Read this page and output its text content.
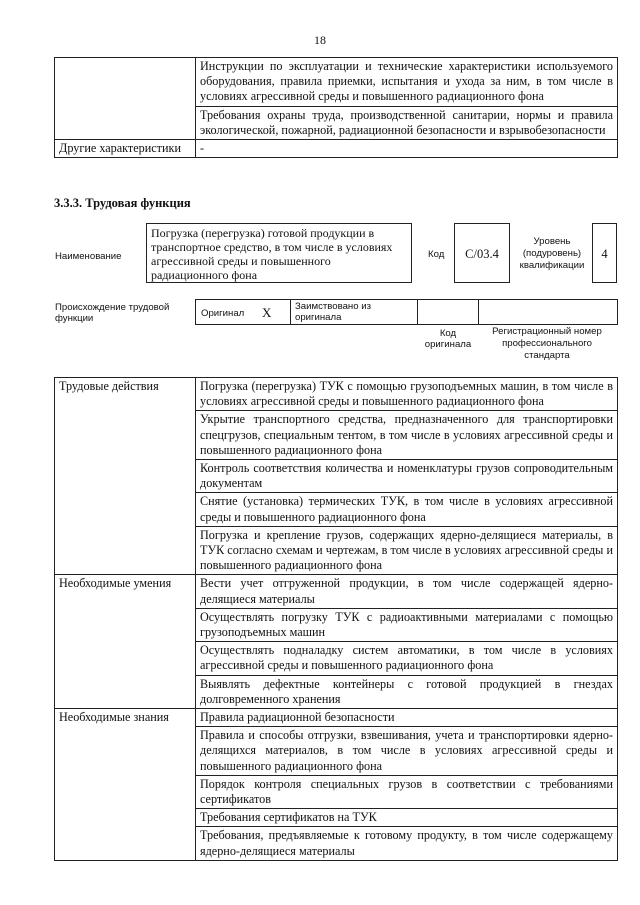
18
	Инструкции по эксплуатации и технические характеристики используемого оборудования, правила приемки, испытания и ухода за ним, в том числе в условиях агрессивной среды и повышенного радиационного фона
	Требования охраны труда, производственной санитарии, нормы и правила экологической, пожарной, радиационной безопасности и взрывобезопасности
Другие характеристики	-
3.3.3. Трудовая функция
Наименование
Погрузка (перегрузка) готовой продукции в транспортное средство, в том числе в условиях агрессивной среды и повышенного радиационного фона
Код	C/03.4
Уровень (подуровень) квалификации
4
Происхождение трудовой функции	Оригинал X	Заимствовано из оригинала
Код оригинала
Регистрационный номер профессионального стандарта
Трудовые действия	Погрузка (перегрузка) ТУК с помощью грузоподъемных машин, в том числе в условиях агрессивной среды и повышенного радиационного фона
	Укрытие транспортного средства, предназначенного для транспортировки спецгрузов, специальным тентом, в том числе в условиях агрессивной среды и повышенного радиационного фона
	Контроль соответствия количества и номенклатуры грузов сопроводительным документам
	Снятие (установка) термических ТУК, в том числе в условиях агрессивной среды и повышенного радиационного фона
	Погрузка и крепление грузов, содержащих ядерно-делящиеся материалы, в ТУК согласно схемам и чертежам, в том числе в условиях агрессивной среды и повышенного радиационного фона
Необходимые умения	Вести учет отгруженной продукции, в том числе содержащей ядерно-делящиеся материалы
	Осуществлять погрузку ТУК с радиоактивными материалами с помощью грузоподъемных машин
	Осуществлять подналадку систем автоматики, в том числе в условиях агрессивной среды и повышенного радиационного фона
	Выявлять дефектные контейнеры с готовой продукцией в гнездах долговременного хранения
Необходимые знания	Правила радиационной безопасности
	Правила и способы отгрузки, взвешивания, учета и транспортировки ядерно-делящихся материалов, в том числе в условиях агрессивной среды и повышенного радиационного фона
	Порядок контроля специальных грузов в соответствии с требованиями сертификатов
	Требования сертификатов на ТУК
	Требования, предъявляемые к готовому продукту, в том числе содержащему ядерно-делящиеся материалы
